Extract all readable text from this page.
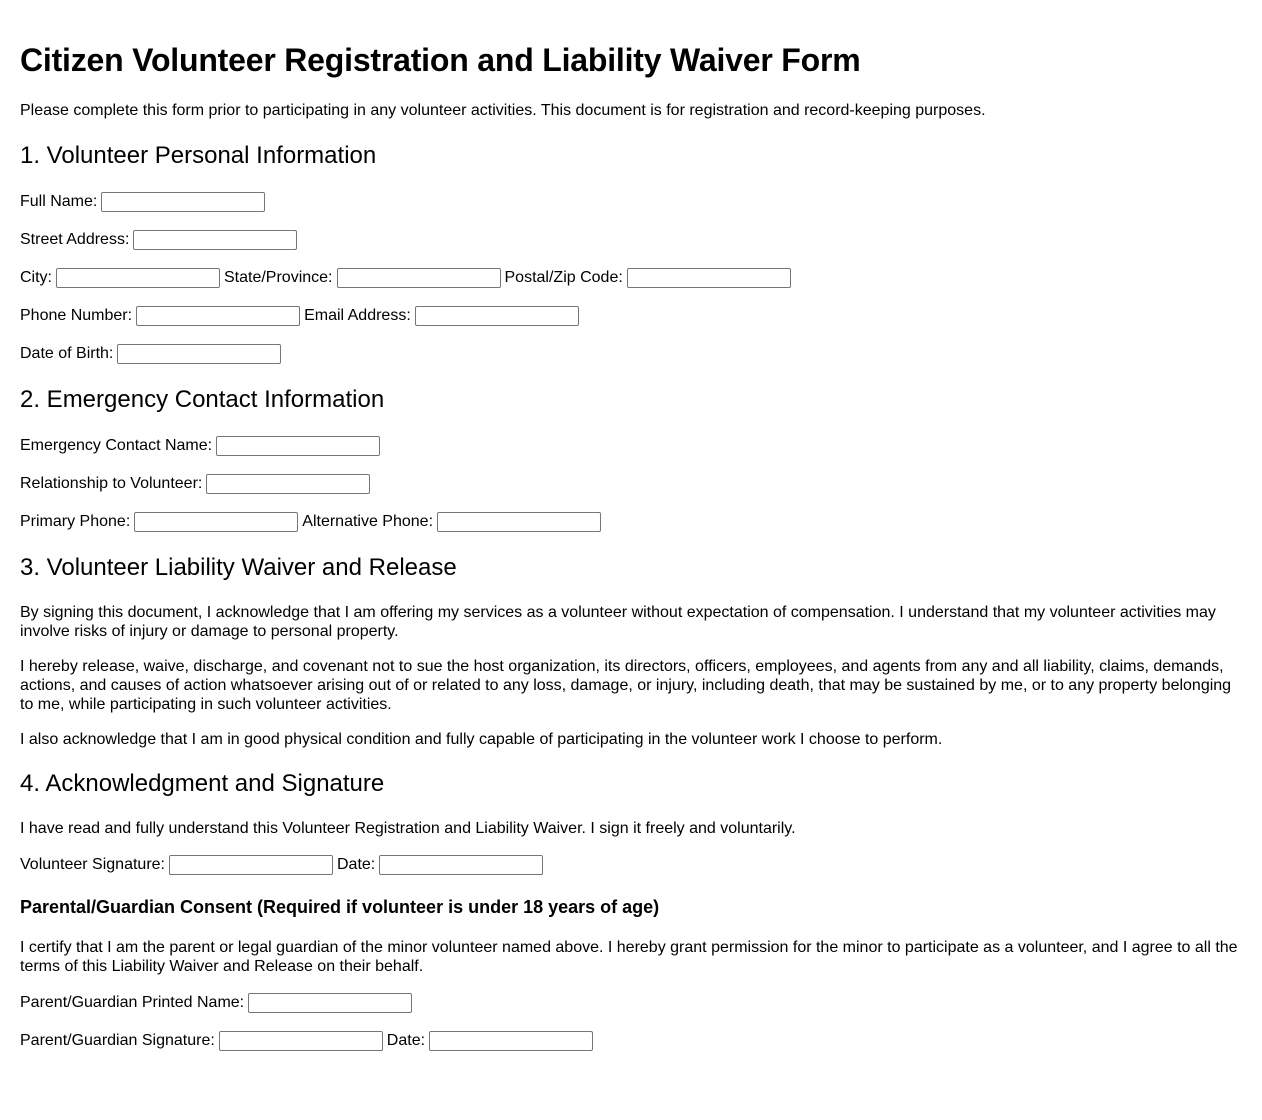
Citizen Volunteer Registration and Liability Waiver Form

Please complete this form prior to participating in any volunteer activities. This document is for registration and record-keeping purposes.

1. Volunteer Personal Information
Full Name:
Street Address:
City:	State/Province:	Postal/Zip Code:
Phone Number:	Email Address:
Date of Birth:
2. Emergency Contact Information
Emergency Contact Name:
Relationship to Volunteer:
Primary Phone:	Alternative Phone:
3. Volunteer Liability Waiver and Release

By signing this document, I acknowledge that I am offering my services as a volunteer without expectation of compensation. I understand that my volunteer activities may involve risks of injury or damage to personal property.

I hereby release, waive, discharge, and covenant not to sue the host organization, its directors, officers, employees, and agents from any and all liability, claims, demands, actions, and causes of action whatsoever arising out of or related to any loss, damage, or injury, including death, that may be sustained by me, or to any property belonging to me, while participating in such volunteer activities.

I also acknowledge that I am in good physical condition and fully capable of participating in the volunteer work I choose to perform.

4. Acknowledgment and Signature

I have read and fully understand this Volunteer Registration and Liability Waiver. I sign it freely and voluntarily.

Volunteer Signature:	Date:
Parental/Guardian Consent (Required if volunteer is under 18 years of age)

I certify that I am the parent or legal guardian of the minor volunteer named above. I hereby grant permission for the minor to participate as a volunteer, and I agree to all the terms of this Liability Waiver and Release on their behalf.

Parent/Guardian Printed Name:
Parent/Guardian Signature:	Date:
